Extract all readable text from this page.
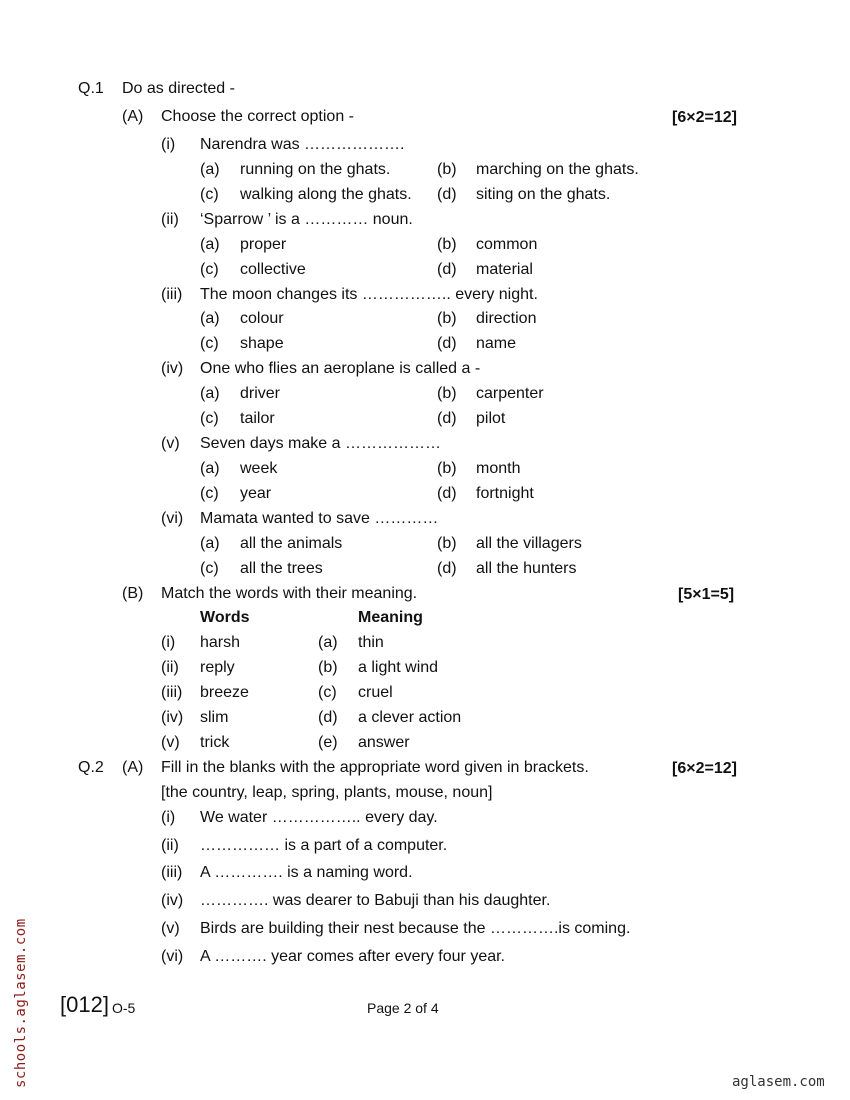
Q.1 Do as directed -
(A) Choose the correct option -	[6×2=12]
(i) Narendra was ……………….
(a) running on the ghats.	(b) marching on the ghats.
(c) walking along the ghats. (d) siting on the ghats.
(ii) ‘Sparrow ’ is a ………… noun.
(a) proper	(b) common
(c) collective	(d) material
(iii) The moon changes its …………….. every night.
(a) colour	(b) direction
(c) shape	(d) name
(iv) One who flies an aeroplane is called a -
(a) driver	(b) carpenter
(c) tailor	(d) pilot
(v) Seven days make a ………………
(a) week	(b) month
(c) year	(d) fortnight
(vi) Mamata wanted to save …………
(a) all the animals	(b) all the villagers
(c) all the trees	(d) all the hunters
(B) Match the words with their meaning.	[5×1=5]
Words	Meaning
(i) harsh	(a) thin
(ii) reply	(b) a light wind
(iii) breeze	(c) cruel
(iv) slim	(d) a clever action
(v) trick	(e) answer
Q.2 (A) Fill in the blanks with the appropriate word given in brackets.	[6×2=12]
[the country, leap, spring, plants, mouse, noun]
(i) We water …………….. every day.
(ii) …………… is a part of a computer.
(iii) A …………. is a naming word.
(iv) …………. was dearer to Babuji than his daughter.
(v) Birds are building their nest because the ………….is coming.
(vi) A ………. year comes after every four year.
[012] O-5	Page 2 of 4
schools.aglasem.com	aglasem.com
